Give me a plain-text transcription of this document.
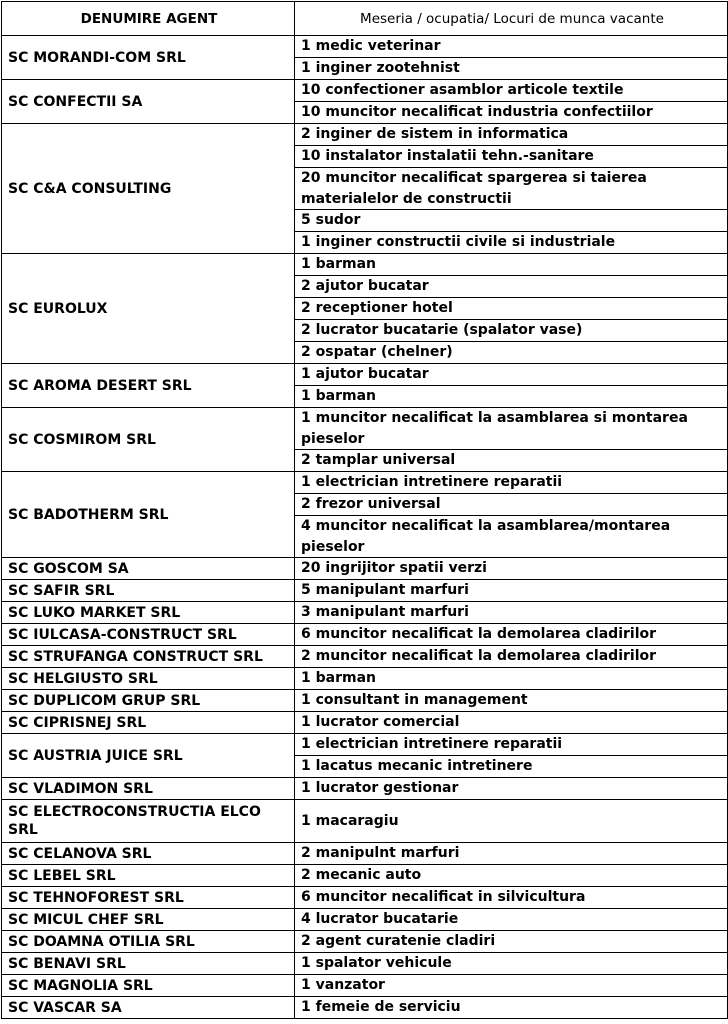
DENUMIRE AGENT	Meseria / ocupatia/ Locuri de munca vacante
SC MORANDI-COM SRL	1 medic veterinar
	1 inginer zootehnist
SC CONFECTII SA	10 confectioner asamblor articole textile
	10 muncitor necalificat industria confectiilor
SC C&A CONSULTING	2 inginer de sistem in informatica
	10 instalator instalatii tehn.-sanitare
	20 muncitor necalificat spargerea si taierea materialelor de constructii
	5 sudor
	1 inginer constructii civile si industriale
SC EUROLUX	1 barman
	2 ajutor bucatar
	2 receptioner hotel
	2 lucrator bucatarie (spalator vase)
	2 ospatar (chelner)
SC AROMA DESERT SRL	1 ajutor bucatar
	1 barman
SC COSMIROM SRL	1 muncitor necalificat la asamblarea si montarea pieselor
	2 tamplar universal
SC BADOTHERM SRL	1 electrician intretinere reparatii
	2 frezor universal
	4 muncitor necalificat la asamblarea/montarea pieselor
SC GOSCOM SA	20 ingrijitor spatii verzi
SC SAFIR SRL	5 manipulant marfuri
SC LUKO MARKET SRL	3 manipulant marfuri
SC IULCASA-CONSTRUCT SRL	6 muncitor necalificat la demolarea cladirilor
SC STRUFANGA CONSTRUCT SRL	2 muncitor necalificat la demolarea cladirilor
SC HELGIUSTO SRL	1 barman
SC DUPLICOM GRUP SRL	1 consultant in management
SC CIPRISNEJ SRL	1 lucrator comercial
SC AUSTRIA JUICE SRL	1 electrician intretinere reparatii
	1 lacatus mecanic intretinere
SC VLADIMON SRL	1 lucrator gestionar
SC ELECTROCONSTRUCTIA ELCO SRL	1 macaragiu
SC CELANOVA SRL	2 manipulnt marfuri
SC LEBEL SRL	2 mecanic auto
SC TEHNOFOREST SRL	6 muncitor necalificat in silvicultura
SC MICUL CHEF SRL	4 lucrator bucatarie
SC DOAMNA OTILIA SRL	2 agent curatenie cladiri
SC BENAVI SRL	1 spalator vehicule
SC MAGNOLIA SRL	1 vanzator
SC VASCAR SA	1 femeie de serviciu
